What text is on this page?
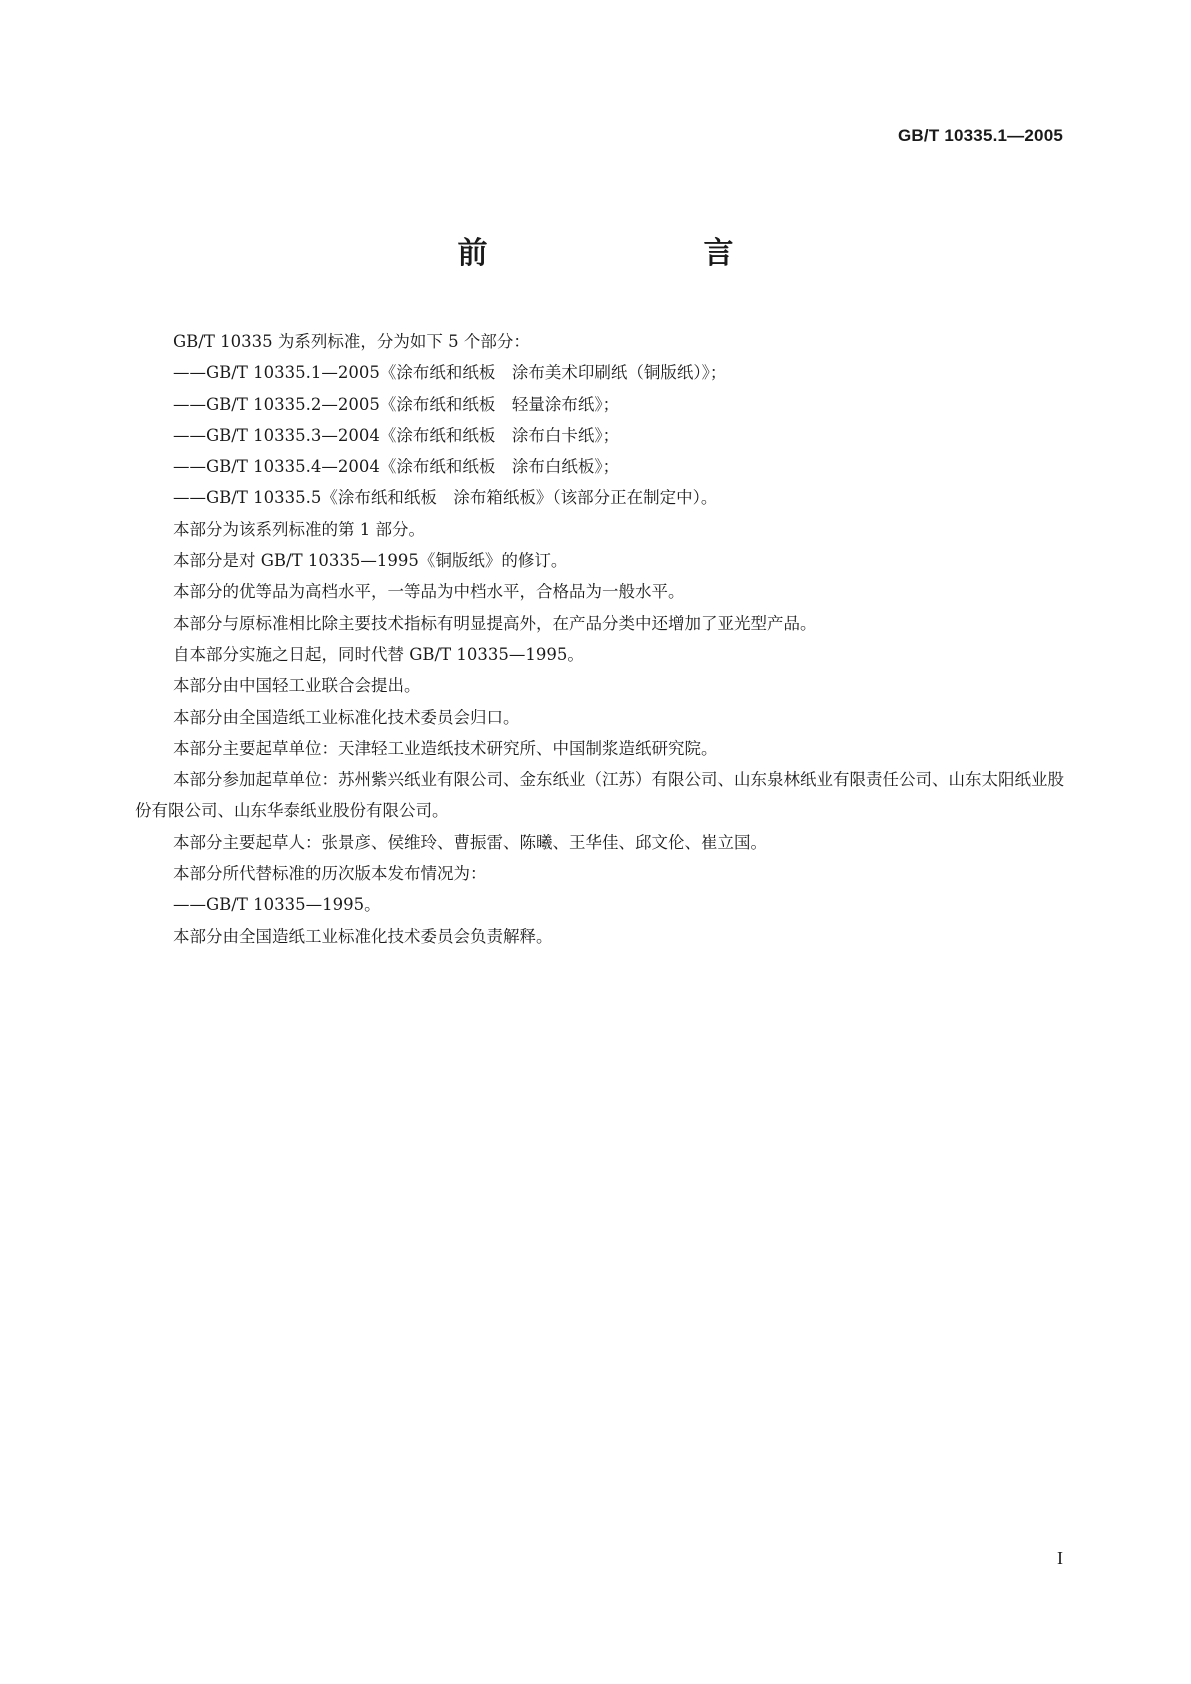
GB/T 10335.1—2005
前　　言

GB/T 10335 为系列标准，分为如下 5 个部分：

——GB/T 10335.1—2005《涂布纸和纸板　涂布美术印刷纸（铜版纸）》；

——GB/T 10335.2—2005《涂布纸和纸板　轻量涂布纸》；

——GB/T 10335.3—2004《涂布纸和纸板　涂布白卡纸》；

——GB/T 10335.4—2004《涂布纸和纸板　涂布白纸板》；

——GB/T 10335.5《涂布纸和纸板　涂布箱纸板》（该部分正在制定中）。

本部分为该系列标准的第 1 部分。

本部分是对 GB/T 10335—1995《铜版纸》的修订。

本部分的优等品为高档水平，一等品为中档水平，合格品为一般水平。

本部分与原标准相比除主要技术指标有明显提高外，在产品分类中还增加了亚光型产品。

自本部分实施之日起，同时代替 GB/T 10335—1995。

本部分由中国轻工业联合会提出。

本部分由全国造纸工业标准化技术委员会归口。

本部分主要起草单位：天津轻工业造纸技术研究所、中国制浆造纸研究院。

本部分参加起草单位：苏州紫兴纸业有限公司、金东纸业（江苏）有限公司、山东泉林纸业有限责任公司、山东太阳纸业股份有限公司、山东华泰纸业股份有限公司。

本部分主要起草人：张景彦、侯维玲、曹振雷、陈曦、王华佳、邱文伦、崔立国。

本部分所代替标准的历次版本发布情况为：

——GB/T 10335—1995。

本部分由全国造纸工业标准化技术委员会负责解释。

I
